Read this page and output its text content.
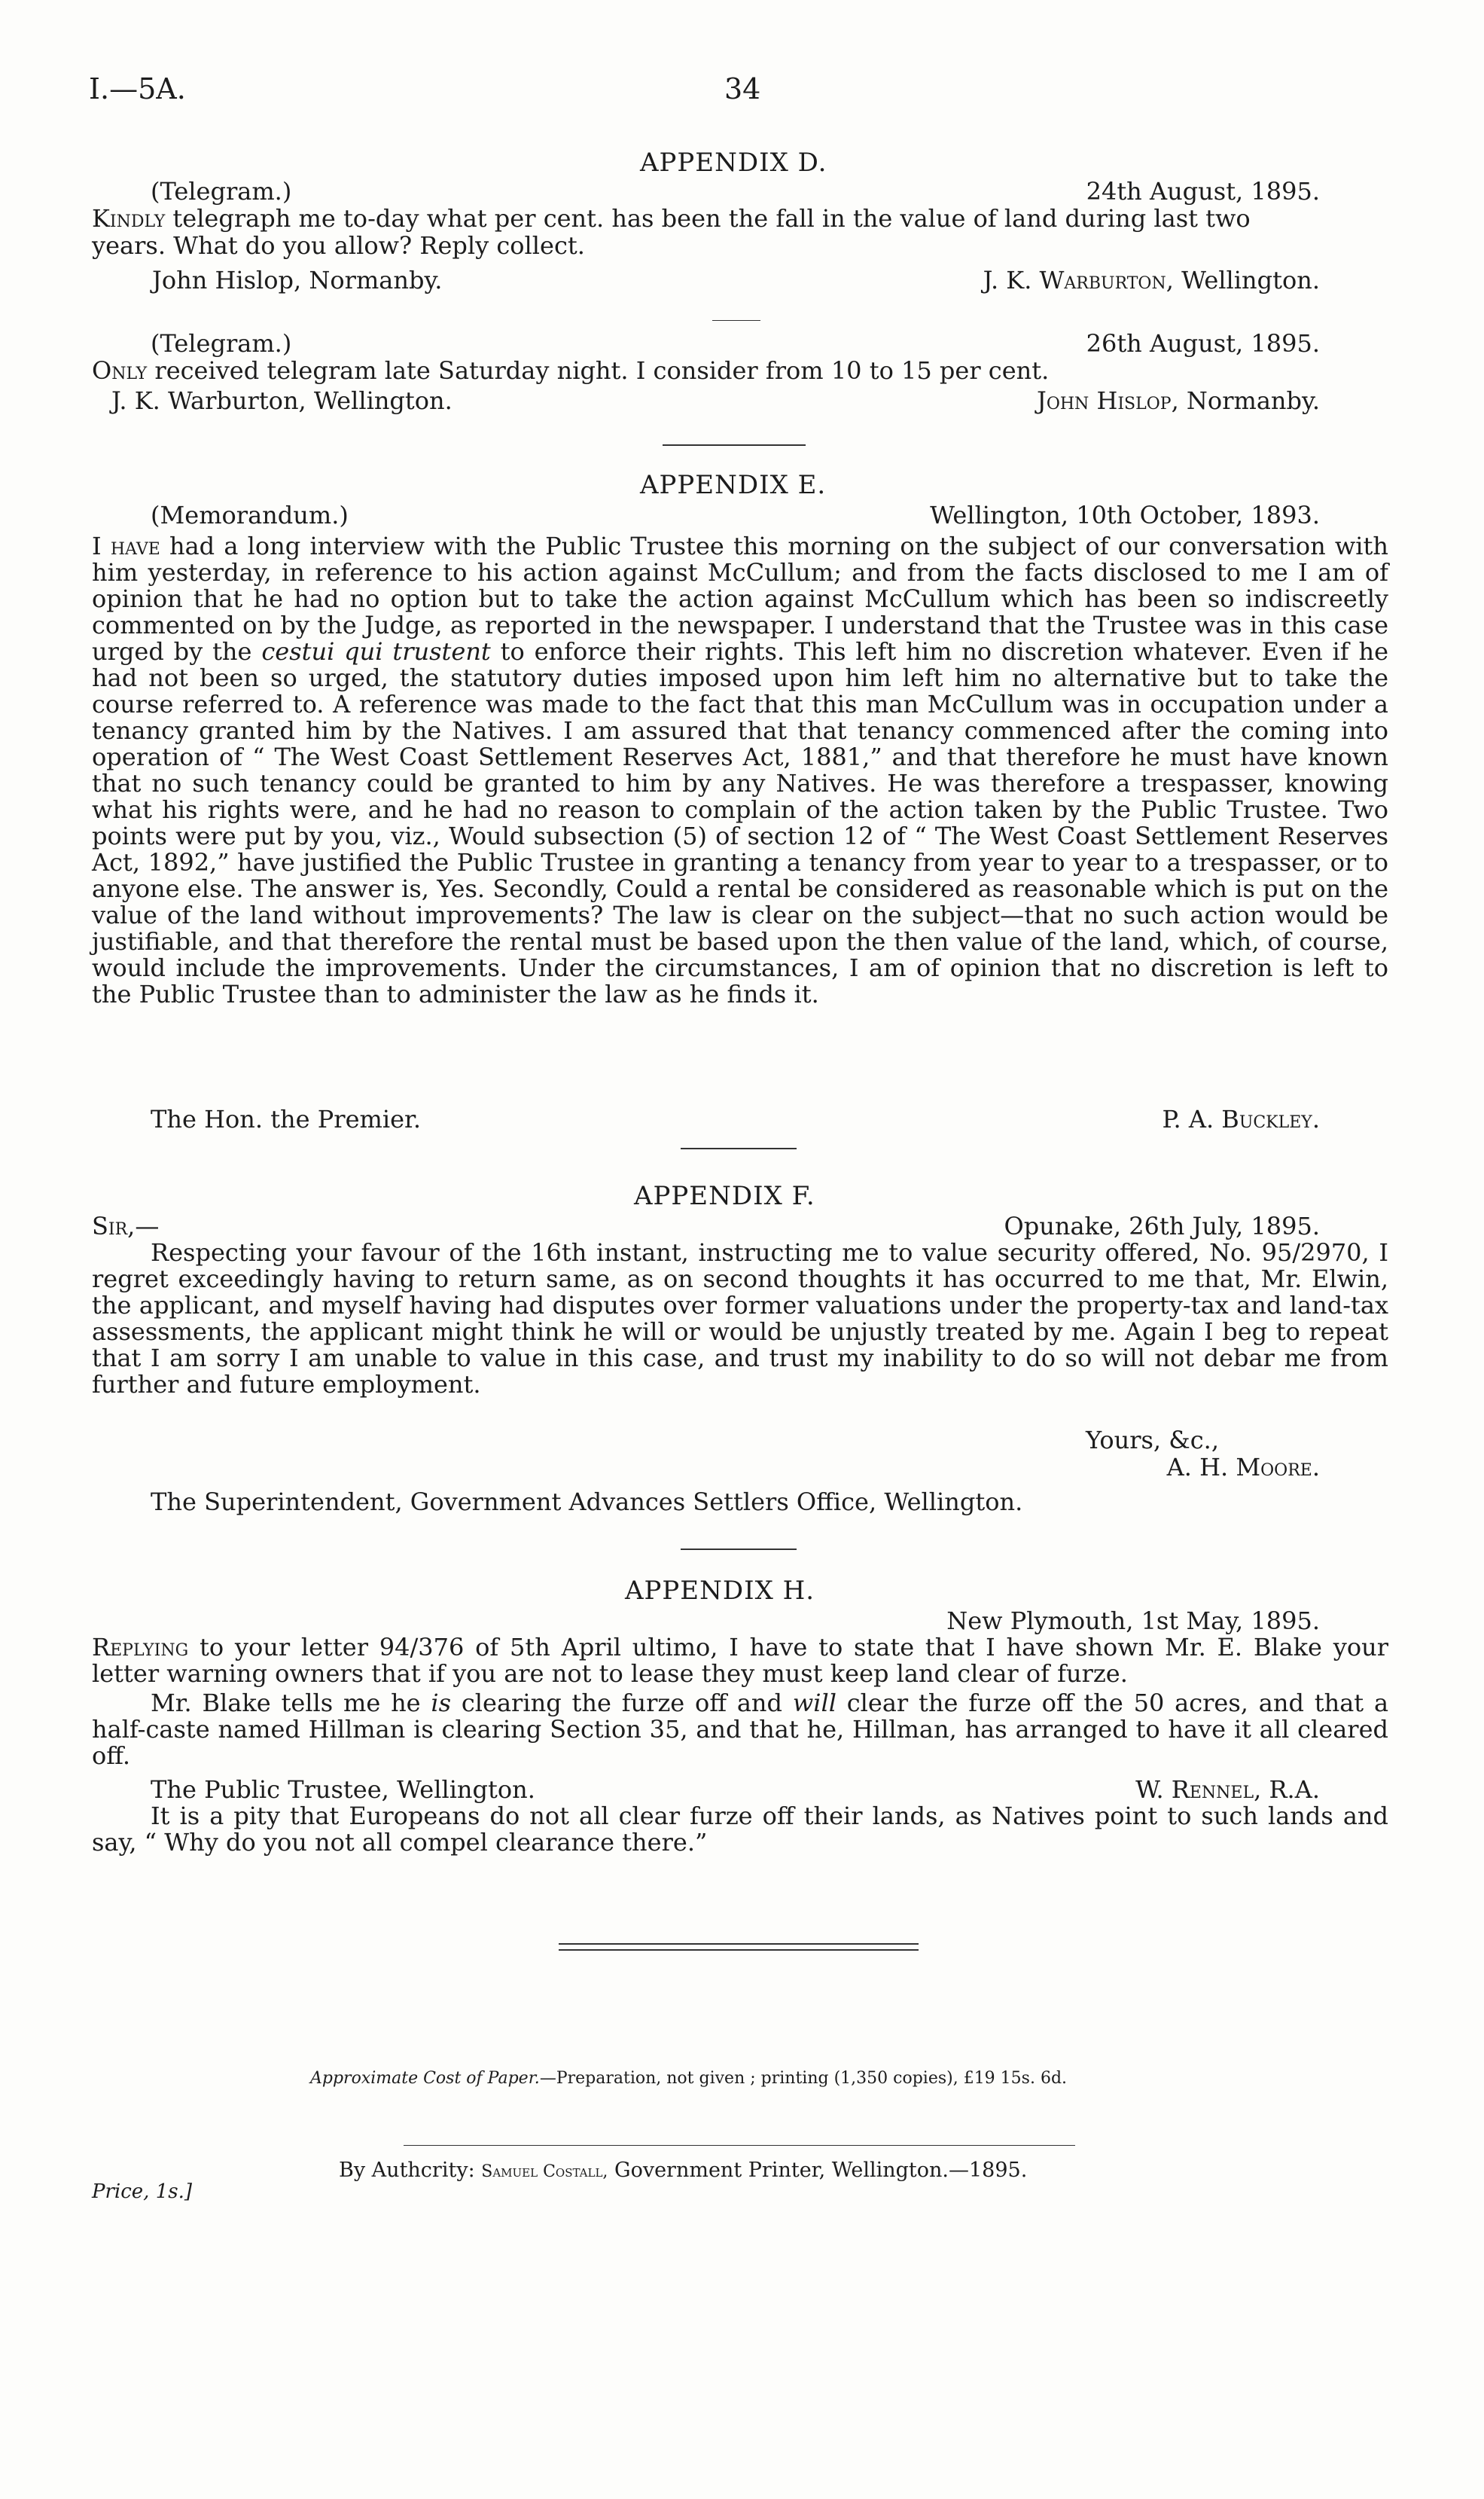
I.—5A.	34
APPENDIX D.
(Telegram.)	24th August, 1895.
Kindly telegraph me to-day what per cent. has been the fall in the value of land during last two
years. What do you allow? Reply collect.
John Hislop, Normanby.	J. K. Warburton, Wellington.
(Telegram.)	26th August, 1895.
Only received telegram late Saturday night. I consider from 10 to 15 per cent.
J. K. Warburton, Wellington.	John Hislop, Normanby.
APPENDIX E.
(Memorandum.)	Wellington, 10th October, 1893.

I have had a long interview with the Public Trustee this morning on the subject of our conversation with him yesterday, in reference to his action against McCullum; and from the facts disclosed to me I am of opinion that he had no option but to take the action against McCullum which has been so indiscreetly commented on by the Judge, as reported in the newspaper. I understand that the Trustee was in this case urged by the cestui qui trustent to enforce their rights. This left him no discretion whatever. Even if he had not been so urged, the statutory duties imposed upon him left him no alternative but to take the course referred to. A reference was made to the fact that this man McCullum was in occupation under a tenancy granted him by the Natives. I am assured that that tenancy commenced after the coming into operation of “ The West Coast Settlement Reserves Act, 1881,” and that therefore he must have known that no such tenancy could be granted to him by any Natives. He was therefore a trespasser, knowing what his rights were, and he had no reason to complain of the action taken by the Public Trustee. Two points were put by you, viz., Would subsection (5) of section 12 of “ The West Coast Settlement Reserves Act, 1892,” have justified the Public Trustee in granting a tenancy from year to year to a trespasser, or to anyone else. The answer is, Yes. Secondly, Could a rental be considered as reasonable which is put on the value of the land without improvements? The law is clear on the subject—that no such action would be justifiable, and that therefore the rental must be based upon the then value of the land, which, of course, would include the improvements. Under the circumstances, I am of opinion that no discretion is left to the Public Trustee than to administer the law as he finds it.

The Hon. the Premier.	P. A. Buckley.
APPENDIX F.
Sir,—	Opunake, 26th July, 1895.

Respecting your favour of the 16th instant, instructing me to value security offered, No. 95/2970, I regret exceedingly having to return same, as on second thoughts it has occurred to me that, Mr. Elwin, the applicant, and myself having had disputes over former valuations under the property-tax and land-tax assessments, the applicant might think he will or would be unjustly treated by me. Again I beg to repeat that I am sorry I am unable to value in this case, and trust my inability to do so will not debar me from further and future employment.

Yours, &c.,
A. H. Moore.
The Superintendent, Government Advances Settlers Office, Wellington.
APPENDIX H.
New Plymouth, 1st May, 1895.

Replying to your letter 94/376 of 5th April ultimo, I have to state that I have shown Mr. E. Blake your letter warning owners that if you are not to lease they must keep land clear of furze.

Mr. Blake tells me he is clearing the furze off and will clear the furze off the 50 acres, and that a half-caste named Hillman is clearing Section 35, and that he, Hillman, has arranged to have it all cleared off.

The Public Trustee, Wellington.	W. Rennel, R.A.

It is a pity that Europeans do not all clear furze off their lands, as Natives point to such lands and say, “ Why do you not all compel clearance there.”

Approximate Cost of Paper.—Preparation, not given ; printing (1,350 copies), £19 15s. 6d.
By Authcrity: Samuel Costall, Government Printer, Wellington.—1895.
Price, 1s.]
